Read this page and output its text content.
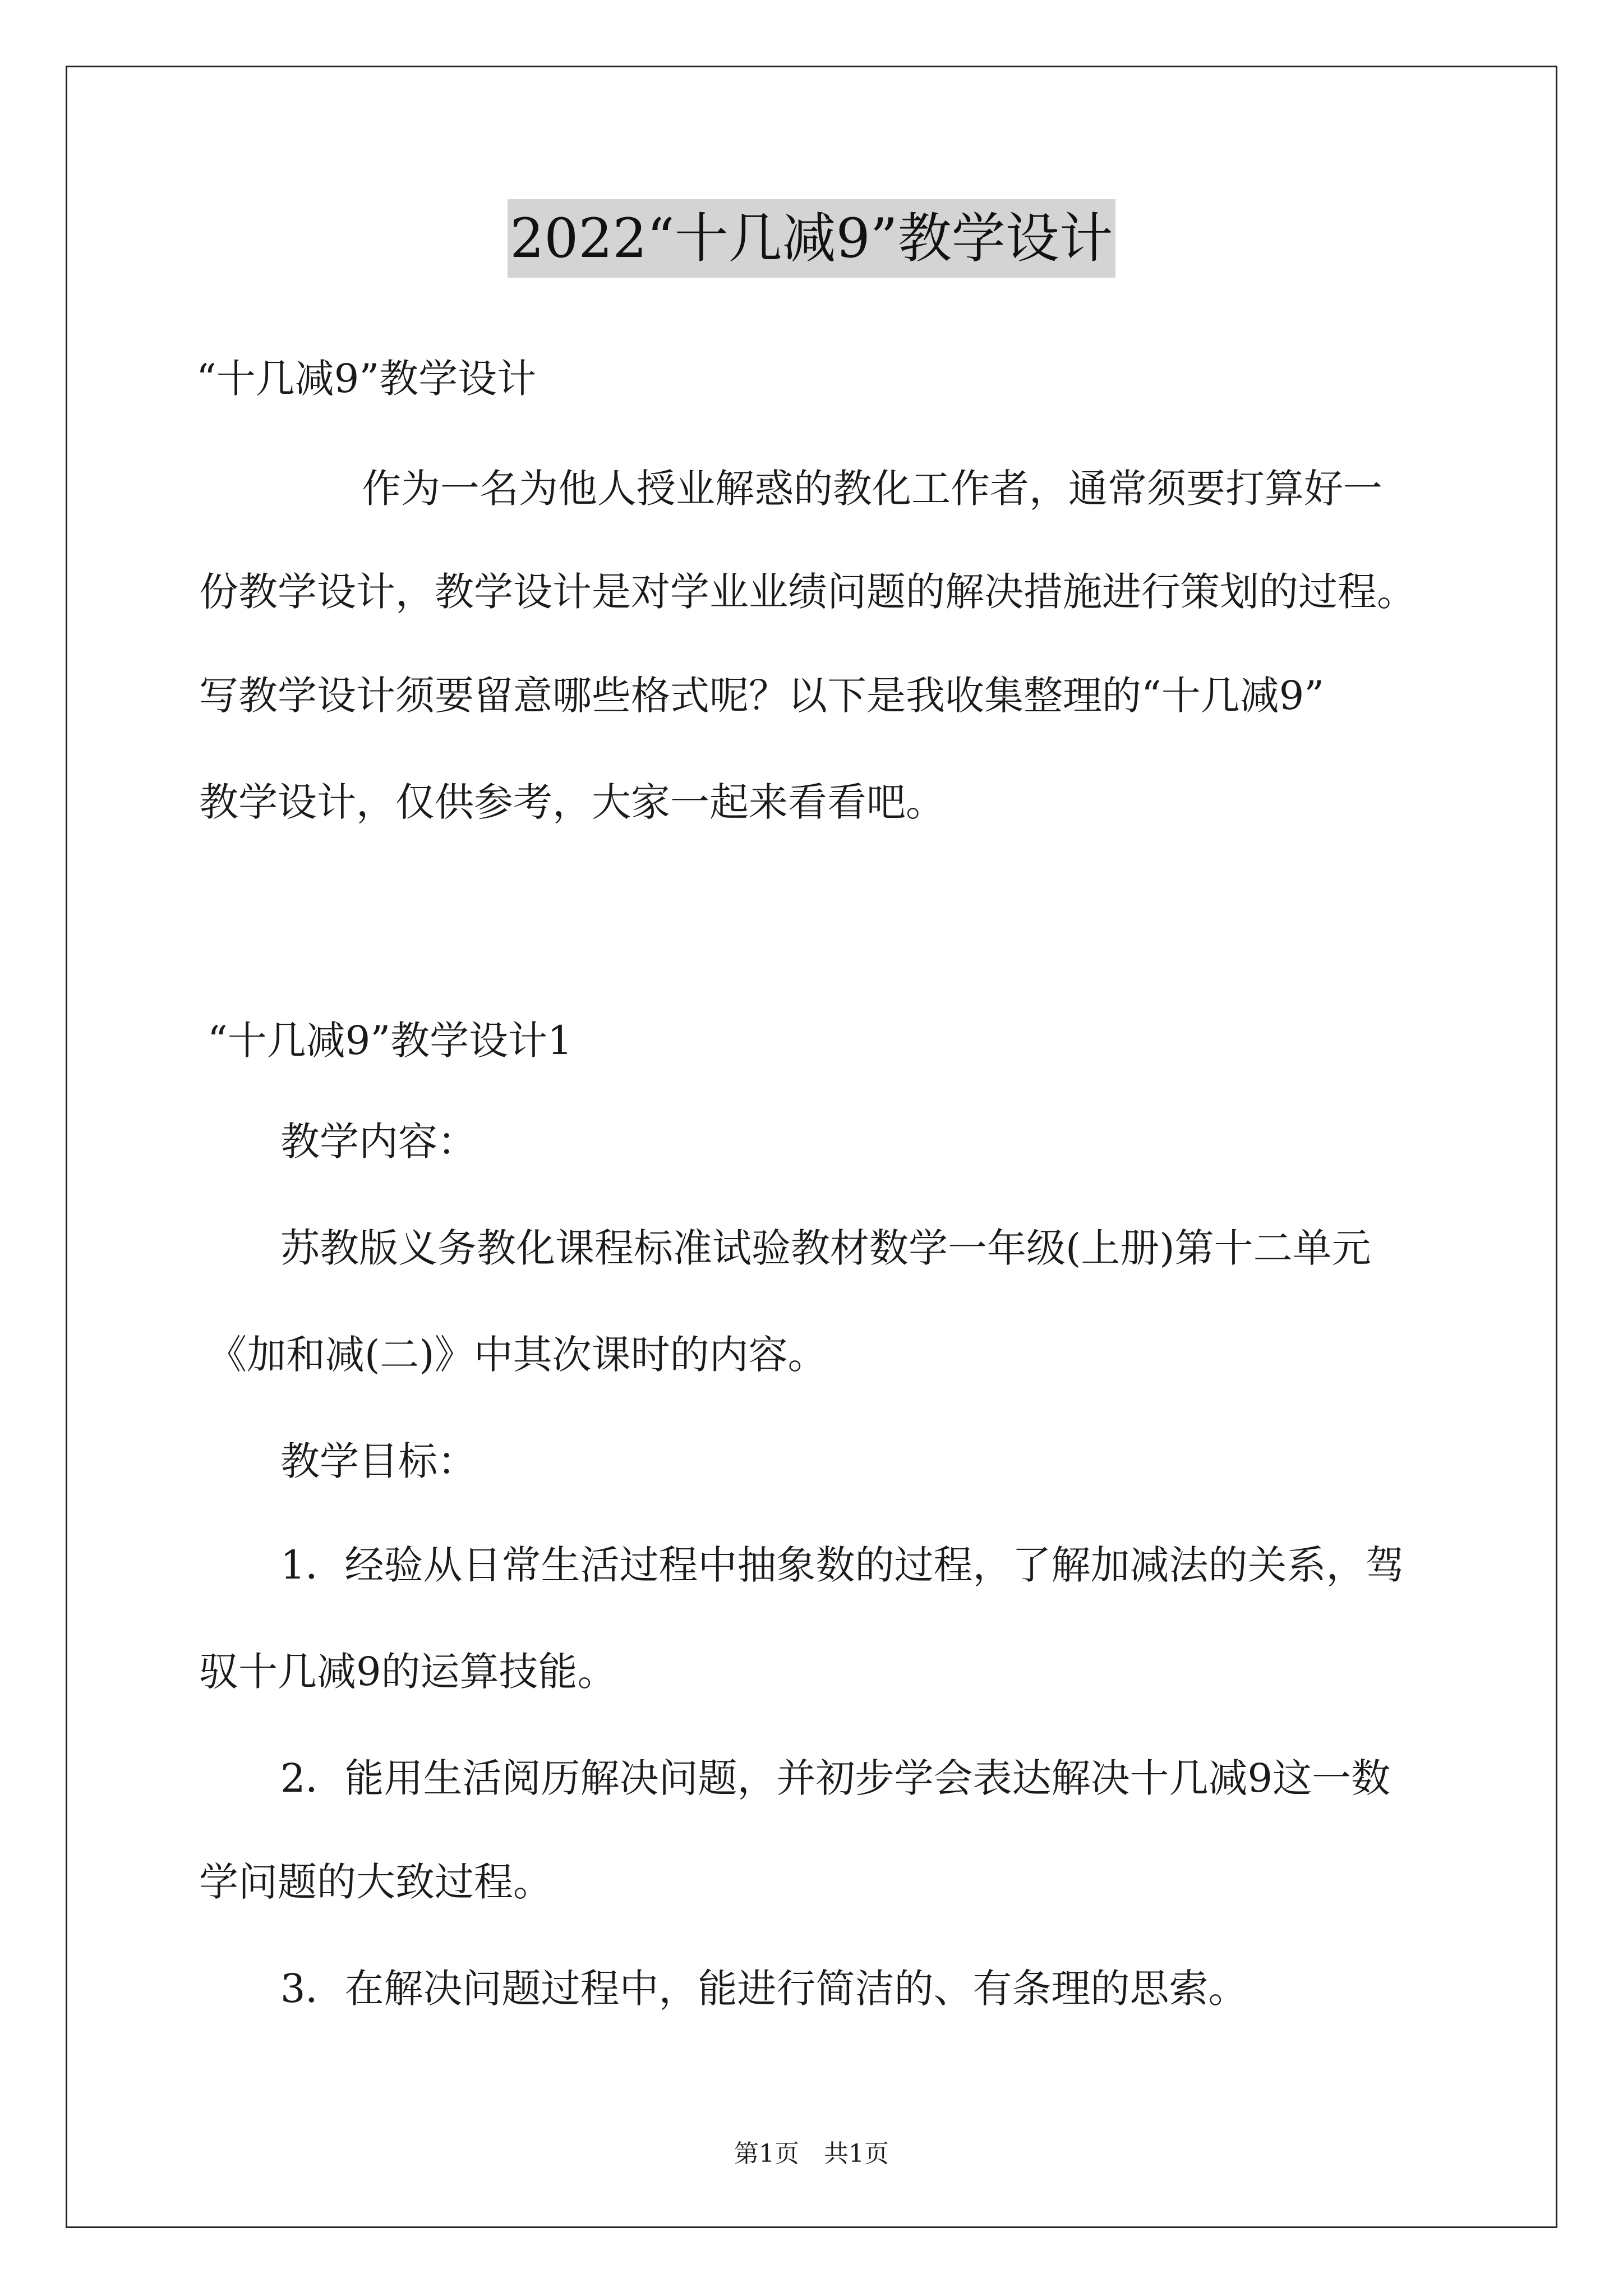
2022“十几减9”教学设计
“十几减9”教学设计
作为一名为他人授业解惑的教化工作者，通常须要打算好一
份教学设计，教学设计是对学业业绩问题的解决措施进行策划的过程。
写教学设计须要留意哪些格式呢？以下是我收集整理的“十几减9”
教学设计，仅供参考，大家一起来看看吧。
“十几减9”教学设计1
教学内容：
苏教版义务教化课程标准试验教材数学一年级(上册)第十二单元
《加和减(二)》中其次课时的内容。
教学目标：
1．经验从日常生活过程中抽象数的过程，了解加减法的关系，驾
驭十几减9的运算技能。
2．能用生活阅历解决问题，并初步学会表达解决十几减9这一数
学问题的大致过程。
3．在解决问题过程中，能进行简洁的、有条理的思索。
第1页　共1页
